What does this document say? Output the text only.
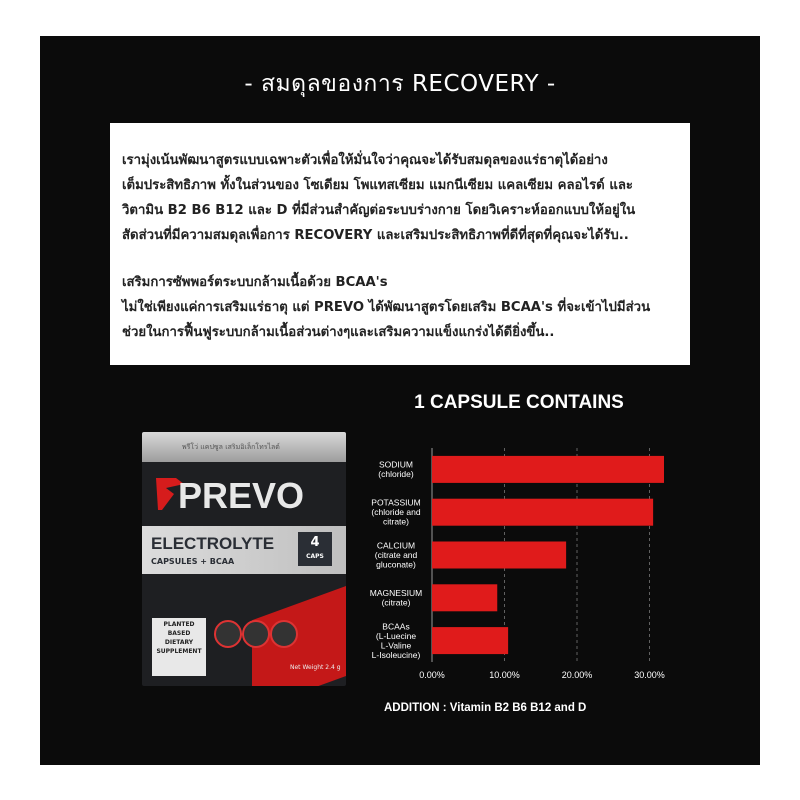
- สมดุลของการ RECOVERY -

เรามุ่งเน้นพัฒนาสูตรแบบเฉพาะตัวเพื่อให้มั่นใจว่าคุณจะได้รับสมดุลของแร่ธาตุได้อย่าง

เต็มประสิทธิภาพ ทั้งในส่วนของ โซเดียม โพแทสเซียม แมกนีเซียม แคลเซียม คลอไรด์ และ

วิตามิน B2 B6 B12 และ D ที่มีส่วนสำคัญต่อระบบร่างกาย โดยวิเคราะห์ออกแบบให้อยู่ใน

สัดส่วนที่มีความสมดุลเพื่อการ RECOVERY และเสริมประสิทธิภาพที่ดีที่สุดที่คุณจะได้รับ..

เสริมการซัพพอร์ตระบบกล้ามเนื้อด้วย BCAA's

ไม่ใช่เพียงแค่การเสริมแร่ธาตุ แต่ PREVO ได้พัฒนาสูตรโดยเสริม BCAA's ที่จะเข้าไปมีส่วน

ช่วยในการฟื้นฟูระบบกล้ามเนื้อส่วนต่างๆและเสริมความแข็งแกร่งได้ดียิ่งขึ้น..

1 CAPSULE CONTAINS
พรีโว่ แคปซูล เสริมอิเล็กโทรไลต์
PREVO
ELECTROLYTE
CAPSULES + BCAA
4
CAPS
PLANTED
BASED
DIETARY
SUPPLEMENT
Net Weight 2.4 g
0.00%	10.00%	20.00%	30.00%
SODIUM (chloride)
POTASSIUM (chloride and citrate)
CALCIUM (citrate and gluconate)
MAGNESIUM (citrate)
BCAAs (L-Luecine L-Valine L-Isoleucine)
ADDITION : Vitamin B2 B6 B12 and D
